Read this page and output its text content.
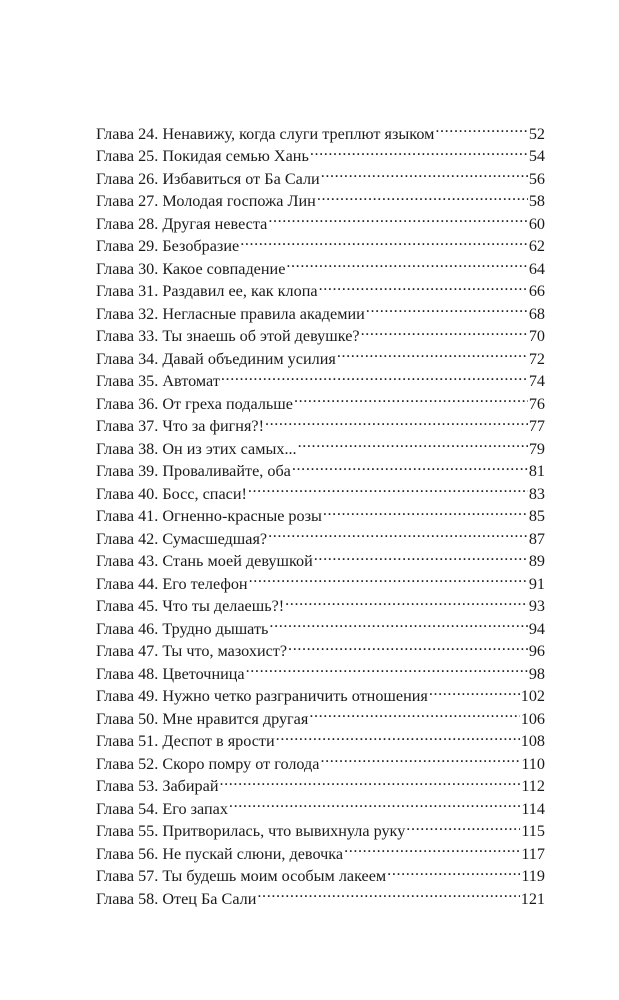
Глава 24. Ненавижу, когда слуги треплют языком .....	52
Глава 25. Покидая семью Хань .....	54
Глава 26. Избавиться от Ба Сали .....	56
Глава 27. Молодая госпожа Лин .....	58
Глава 28. Другая невеста .....	60
Глава 29. Безобразие .....	62
Глава 30. Какое совпадение .....	64
Глава 31. Раздавил ее, как клопа .....	66
Глава 32. Негласные правила академии .....	68
Глава 33. Ты знаешь об этой девушке? .....	70
Глава 34. Давай объединим усилия .....	72
Глава 35. Автомат .....	74
Глава 36. От греха подальше .....	76
Глава 37. Что за фигня?! .....	77
Глава 38. Он из этих самых... .....	79
Глава 39. Проваливайте, оба .....	81
Глава 40. Босс, спаси! .....	83
Глава 41. Огненно-красные розы .....	85
Глава 42. Сумасшедшая? .....	87
Глава 43. Стань моей девушкой .....	89
Глава 44. Его телефон .....	91
Глава 45. Что ты делаешь?! .....	93
Глава 46. Трудно дышать .....	94
Глава 47. Ты что, мазохист? .....	96
Глава 48. Цветочница .....	98
Глава 49. Нужно четко разграничить отношения .....	102
Глава 50. Мне нравится другая .....	106
Глава 51. Деспот в ярости .....	108
Глава 52. Скоро помру от голода .....	110
Глава 53. Забирай .....	112
Глава 54. Его запах .....	114
Глава 55. Притворилась, что вывихнула руку .....	115
Глава 56. Не пускай слюни, девочка .....	117
Глава 57. Ты будешь моим особым лакеем .....	119
Глава 58. Отец Ба Сали .....	121
